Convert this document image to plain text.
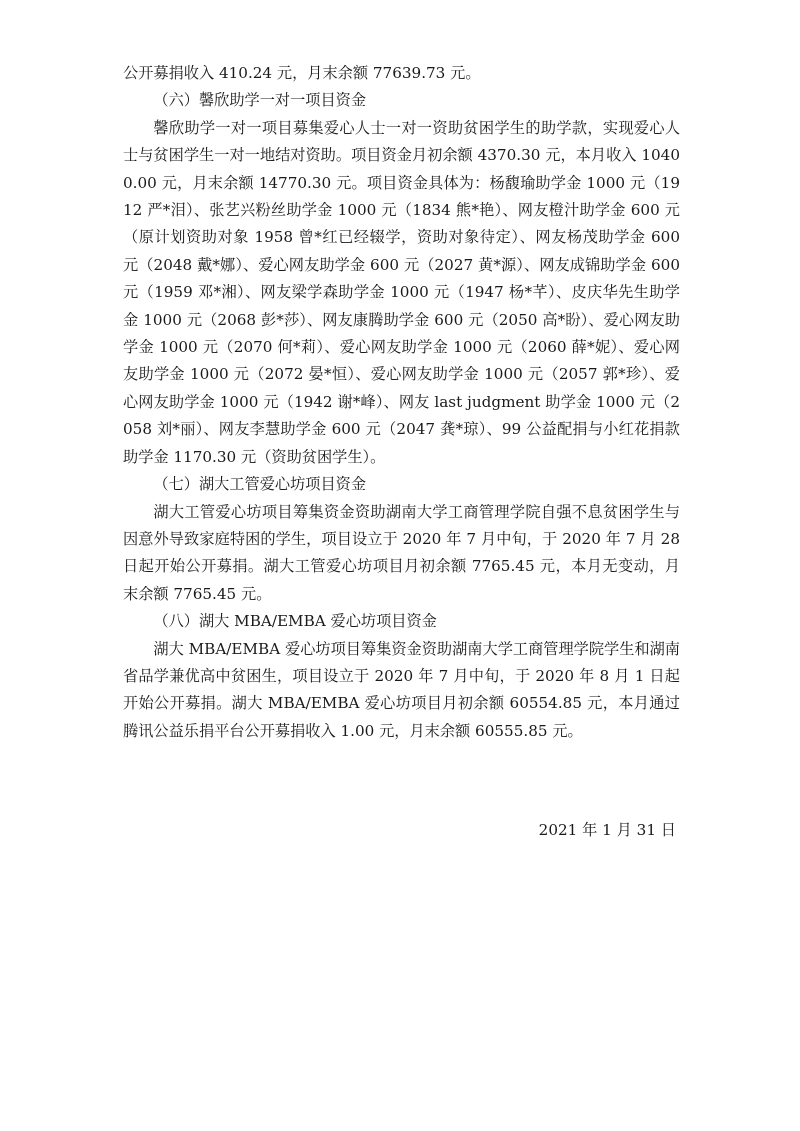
公开募捐收入 410.24 元，月末余额 77639.73 元。

（六）馨欣助学一对一项目资金

馨欣助学一对一项目募集爱心人士一对一资助贫困学生的助学款，实现爱心人士与贫困学生一对一地结对资助。项目资金月初余额 4370.30 元，本月收入 10400.00 元，月末余额 14770.30 元。项目资金具体为：杨馥瑜助学金 1000 元（1912 严*泪）、张艺兴粉丝助学金 1000 元（1834 熊*艳）、网友橙汁助学金 600 元（原计划资助对象 1958 曾*红已经辍学，资助对象待定）、网友杨茂助学金 600 元（2048 戴*娜）、爱心网友助学金 600 元（2027 黄*源）、网友成锦助学金 600 元（1959 邓*湘）、网友梁学森助学金 1000 元（1947 杨*芊）、皮庆华先生助学金 1000 元（2068 彭*莎）、网友康腾助学金 600 元（2050 高*盼）、爱心网友助学金 1000 元（2070 何*莉）、爱心网友助学金 1000 元（2060 薛*妮）、爱心网友助学金 1000 元（2072 晏*恒）、爱心网友助学金 1000 元（2057 郭*珍）、爱心网友助学金 1000 元（1942 谢*峰）、网友 last judgment 助学金 1000 元（2058 刘*丽）、网友李慧助学金 600 元（2047 龚*琼）、99 公益配捐与小红花捐款助学金 1170.30 元（资助贫困学生）。

（七）湖大工管爱心坊项目资金

湖大工管爱心坊项目筹集资金资助湖南大学工商管理学院自强不息贫困学生与因意外导致家庭特困的学生，项目设立于 2020 年 7 月中旬，于 2020 年 7 月 28 日起开始公开募捐。湖大工管爱心坊项目月初余额 7765.45 元，本月无变动，月末余额 7765.45 元。

（八）湖大 MBA/EMBA 爱心坊项目资金

湖大 MBA/EMBA 爱心坊项目筹集资金资助湖南大学工商管理学院学生和湖南省品学兼优高中贫困生，项目设立于 2020 年 7 月中旬，于 2020 年 8 月 1 日起开始公开募捐。湖大 MBA/EMBA 爱心坊项目月初余额 60554.85 元，本月通过腾讯公益乐捐平台公开募捐收入 1.00 元，月末余额 60555.85 元。

2021 年 1 月 31 日
